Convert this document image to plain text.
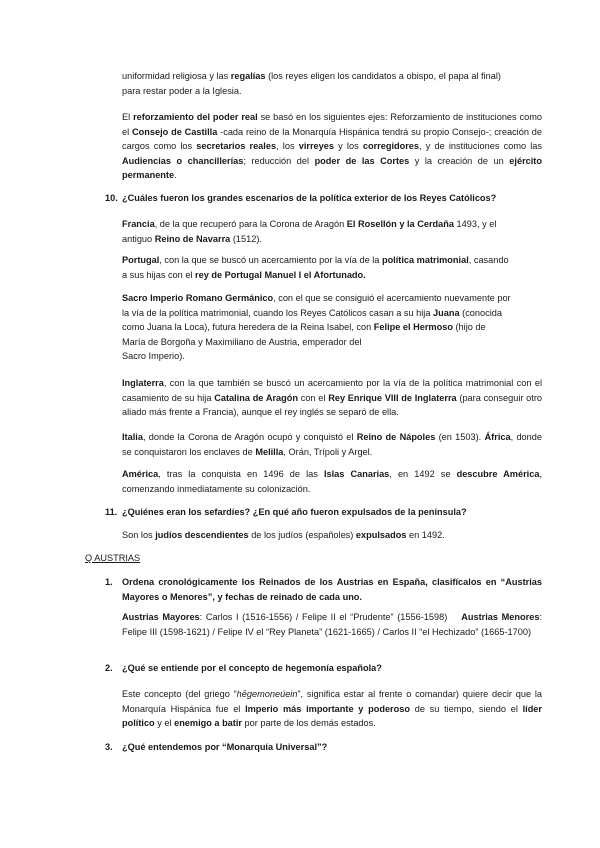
uniformidad religiosa y las regalías (los reyes eligen los candidatos a obispo, el papa al final)

para restar poder a la Iglesia.

El reforzamiento del poder real se basó en los siguientes ejes: Reforzamiento de instituciones como el Consejo de Castilla -cada reino de la Monarquía Hispánica tendrá su propio Consejo-; creación de cargos como los secretarios reales, los virreyes y los corregidores, y de instituciones como las Audiencias o chancillerías; reducción del poder de las Cortes y la creación de un ejército permanente.

10. ¿Cuáles fueron los grandes escenarios de la política exterior de los Reyes Católicos?

Francia, de la que recuperó para la Corona de Aragón El Rosellón y la Cerdaña 1493, y el

antiguo Reino de Navarra (1512).

Portugal, con la que se buscó un acercamiento por la vía de la política matrimonial, casando

a sus hijas con el rey de Portugal Manuel I el Afortunado.

Sacro Imperio Romano Germánico, con el que se consiguió el acercamiento nuevamente por

la vía de la política matrimonial, cuando los Reyes Católicos casan a su hija Juana (conocida

como Juana la Loca), futura heredera de la Reina Isabel, con Felipe el Hermoso (hijo de

María de Borgoña y Maximiliano de Austria, emperador del

Sacro Imperio).

Inglaterra, con la que también se buscó un acercamiento por la vía de la política matrimonial con el casamiento de su hija Catalina de Aragón con el Rey Enrique VIII de Inglaterra (para conseguir otro aliado más frente a Francia), aunque el rey inglés se separó de ella.

Italia, donde la Corona de Aragón ocupó y conquistó el Reino de Nápoles (en 1503). África, donde se conquistaron los enclaves de Melilla, Orán, Trípoli y Argel.

América, tras la conquista en 1496 de las Islas Canarias, en 1492 se descubre América, comenzando inmediatamente su colonización.

11. ¿Quiénes eran los sefardíes? ¿En qué año fueron expulsados de la península?

Son los judíos descendientes de los judíos (españoles) expulsados en 1492.

Q AUSTRIAS
1. Ordena cronológicamente los Reinados de los Austrias en España, clasifícalos en “Austrias Mayores o Menores”, y fechas de reinado de cada uno.

Austrias Mayores: Carlos I (1516-1556) / Felipe II el “Prudente” (1556-1598) Austrias Menores: Felipe III (1598-1621) / Felipe IV el “Rey Planeta” (1621-1665) / Carlos II “el Hechizado” (1665-1700)

2. ¿Qué se entiende por el concepto de hegemonía española?

Este concepto (del griego “hēgemoneúein”, significa estar al frente o comandar) quiere decir que la Monarquía Hispánica fue el Imperio más importante y poderoso de su tiempo, siendo el líder político y el enemigo a batir por parte de los demás estados.

3. ¿Qué entendemos por “Monarquía Universal”?
